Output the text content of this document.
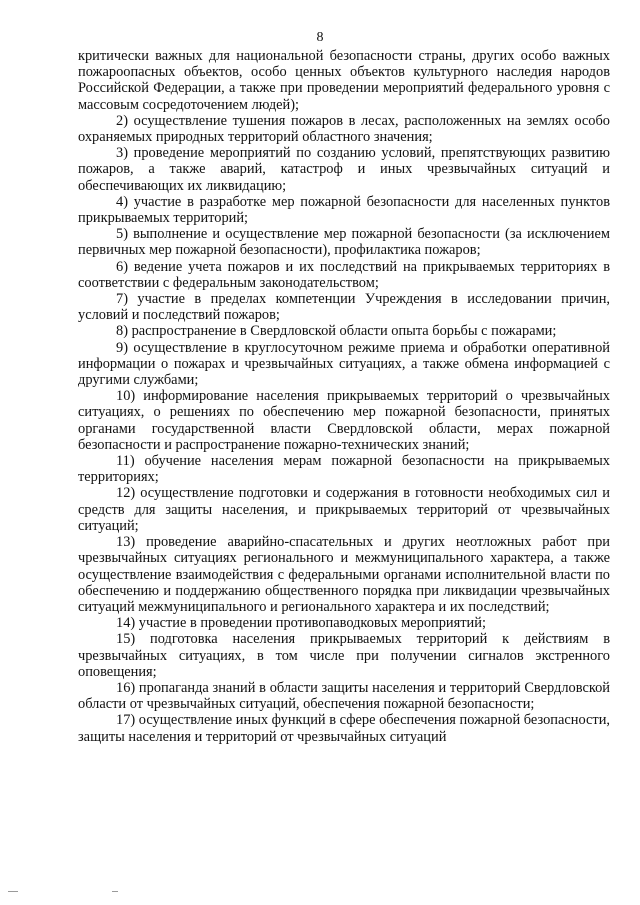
8

критически важных для национальной безопасности страны, других особо важных пожароопасных объектов, особо ценных объектов культурного наследия народов Российской Федерации, а также при проведении мероприятий федерального уровня с массовым сосредоточением людей);

2) осуществление тушения пожаров в лесах, расположенных на землях особо охраняемых природных территорий областного значения;

3) проведение мероприятий по созданию условий, препятствующих развитию пожаров, а также аварий, катастроф и иных чрезвычайных ситуаций и обеспечивающих их ликвидацию;

4) участие в разработке мер пожарной безопасности для населенных пунктов прикрываемых территорий;

5) выполнение и осуществление мер пожарной безопасности (за исключением первичных мер пожарной безопасности), профилактика пожаров;

6) ведение учета пожаров и их последствий на прикрываемых территориях в соответствии с федеральным законодательством;

7) участие в пределах компетенции Учреждения в исследовании причин, условий и последствий пожаров;

8) распространение в Свердловской области опыта борьбы с пожарами;

9) осуществление в круглосуточном режиме приема и обработки оперативной информации о пожарах и чрезвычайных ситуациях, а также обмена информацией с другими службами;

10) информирование населения прикрываемых территорий о чрезвычайных ситуациях, о решениях по обеспечению мер пожарной безопасности, принятых органами государственной власти Свердловской области, мерах пожарной безопасности и распространение пожарно-технических знаний;

11) обучение населения мерам пожарной безопасности на прикрываемых территориях;

12) осуществление подготовки и содержания в готовности необходимых сил и средств для защиты населения, и прикрываемых территорий от чрезвычайных ситуаций;

13) проведение аварийно-спасательных и других неотложных работ при чрезвычайных ситуациях регионального и межмуниципального характера, а также осуществление взаимодействия с федеральными органами исполнительной власти по обеспечению и поддержанию общественного порядка при ликвидации чрезвычайных ситуаций межмуниципального и регионального характера и их последствий;

14) участие в проведении противопаводковых мероприятий;

15) подготовка населения прикрываемых территорий к действиям в чрезвычайных ситуациях, в том числе при получении сигналов экстренного оповещения;

16) пропаганда знаний в области защиты населения и территорий Свердловской области от чрезвычайных ситуаций, обеспечения пожарной безопасности;

17) осуществление иных функций в сфере обеспечения пожарной безопасности, защиты населения и территорий от чрезвычайных ситуаций
